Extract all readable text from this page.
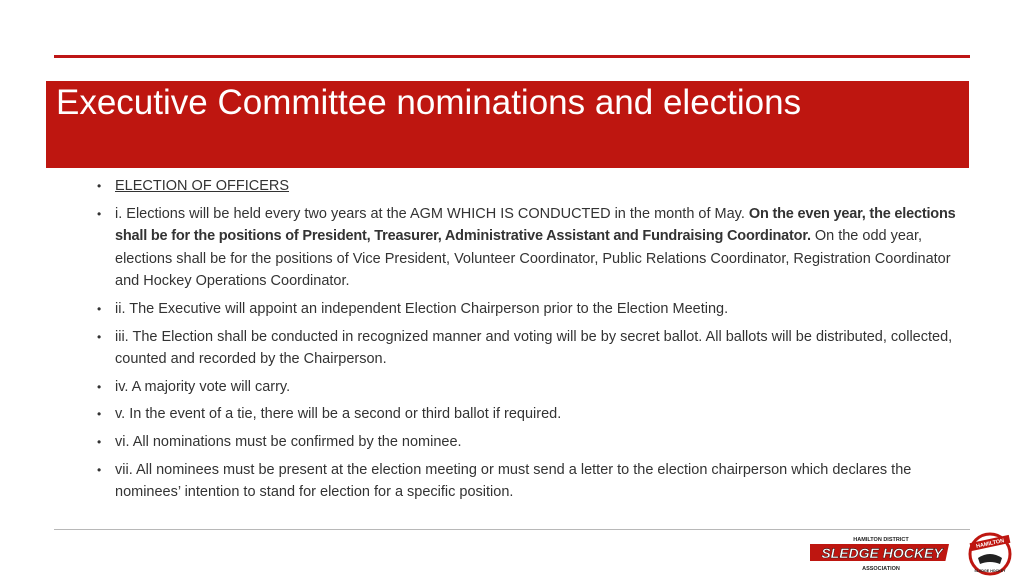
Executive Committee nominations and elections
• ELECTION OF OFFICERS
• i. Elections will be held every two years at the AGM WHICH IS CONDUCTED in the month of May. On the even year, the elections shall be for the positions of President, Treasurer, Administrative Assistant and Fundraising Coordinator. On the odd year, elections shall be for the positions of Vice President, Volunteer Coordinator, Public Relations Coordinator, Registration Coordinator and Hockey Operations Coordinator.
• ii. The Executive will appoint an independent Election Chairperson prior to the Election Meeting.
• iii. The Election shall be conducted in recognized manner and voting will be by secret ballot. All ballots will be distributed, collected, counted and recorded by the Chairperson.
• iv. A majority vote will carry.
• v. In the event of a tie, there will be a second or third ballot if required.
• vi. All nominations must be confirmed by the nominee.
• vii. All nominees must be present at the election meeting or must send a letter to the election chairperson which declares the nominees’ intention to stand for election for a specific position.
HAMILTON DISTRICT
SLEDGE HOCKEY
ASSOCIATION
HAMILTON
SLEDGE HOCKEY
